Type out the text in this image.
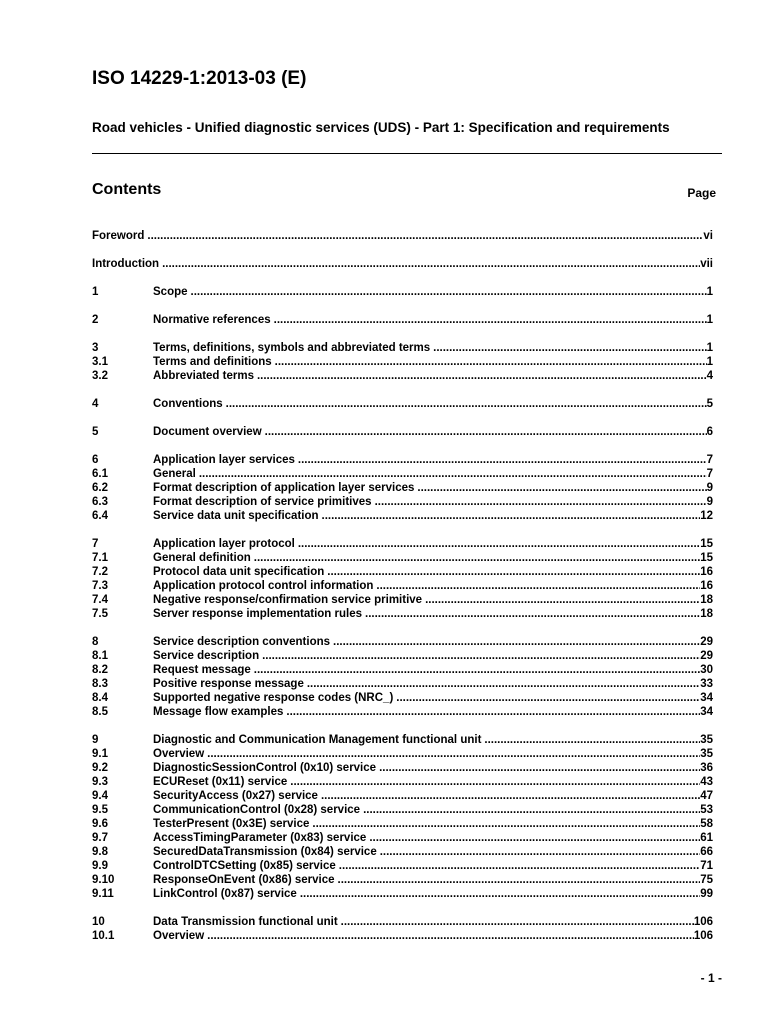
ISO 14229-1:2013-03 (E)
Road vehicles - Unified diagnostic services (UDS) - Part 1: Specification and requirements
Contents	Page
Foreword . . .	vi
Introduction . . .	vii
1	Scope . . .	1
2	Normative references . . .	1
3	Terms, definitions, symbols and abbreviated terms . . .	1
3.1	Terms and definitions . . .	1
3.2	Abbreviated terms . . .	4
4	Conventions . . .	5
5	Document overview . . .	6
6	Application layer services . . .	7
6.1	General . . .	7
6.2	Format description of application layer services . . .	9
6.3	Format description of service primitives . . .	9
6.4	Service data unit specification . . .	12
7	Application layer protocol . . .	15
7.1	General definition . . .	15
7.2	Protocol data unit specification . . .	16
7.3	Application protocol control information . . .	16
7.4	Negative response/confirmation service primitive . . .	18
7.5	Server response implementation rules . . .	18
8	Service description conventions . . .	29
8.1	Service description . . .	29
8.2	Request message . . .	30
8.3	Positive response message . . .	33
8.4	Supported negative response codes (NRC_) . . .	34
8.5	Message flow examples . . .	34
9	Diagnostic and Communication Management functional unit . . .	35
9.1	Overview . . .	35
9.2	DiagnosticSessionControl (0x10) service . . .	36
9.3	ECUReset (0x11) service . . .	43
9.4	SecurityAccess (0x27) service . . .	47
9.5	CommunicationControl (0x28) service . . .	53
9.6	TesterPresent (0x3E) service . . .	58
9.7	AccessTimingParameter (0x83) service . . .	61
9.8	SecuredDataTransmission (0x84) service . . .	66
9.9	ControlDTCSetting (0x85) service . . .	71
9.10	ResponseOnEvent (0x86) service . . .	75
9.11	LinkControl (0x87) service . . .	99
10	Data Transmission functional unit . . .	106
10.1	Overview . . .	106
- 1 -
